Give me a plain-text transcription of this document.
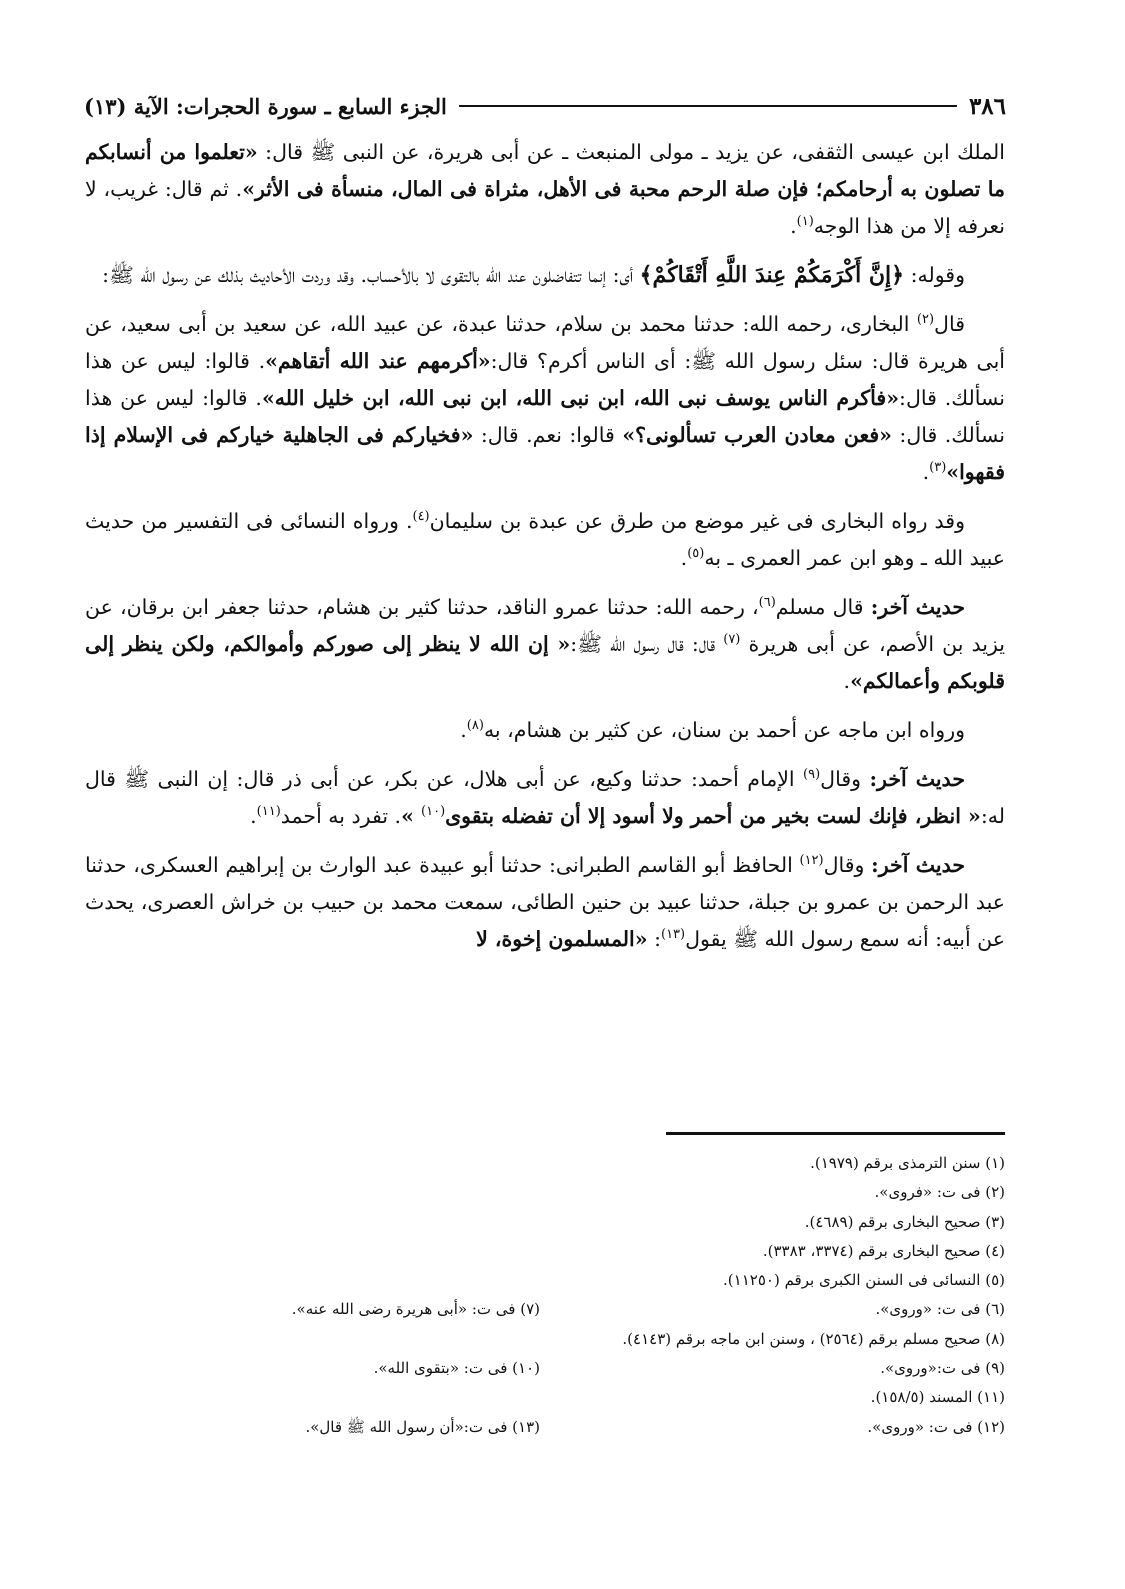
٣٨٦
الجزء السابع ـ سورة الحجرات: الآية (١٣)

الملك ابن عيسى الثقفى، عن يزيد ـ مولى المنبعث ـ عن أبى هريرة، عن النبى ﷺ قال: «تعلموا من أنسابكم ما تصلون به أرحامكم؛ فإن صلة الرحم محبة فى الأهل، مثراة فى المال، منسأة فى الأثر». ثم قال: غريب، لا نعرفه إلا من هذا الوجه$^{(١)}$.

وقوله: ﴿إِنَّ أَكْرَمَكُمْ عِندَ اللَّهِ أَتْقَاكُمْ﴾ أى: إنما تتفاضلون عند الله بالتقوى لا بالأحساب. وقد وردت الأحاديث بذلك عن رسول الله ﷺ:

قال$^{(٢)}$ البخارى، رحمه الله: حدثنا محمد بن سلام، حدثنا عبدة، عن عبيد الله، عن سعيد بن أبى سعيد، عن أبى هريرة قال: سئل رسول الله ﷺ: أى الناس أكرم؟ قال:«أكرمهم عند الله أتقاهم». قالوا: ليس عن هذا نسألك. قال:«فأكرم الناس يوسف نبى الله، ابن نبى الله، ابن نبى الله، ابن خليل الله». قالوا: ليس عن هذا نسألك. قال: «فعن معادن العرب تسألونى؟» قالوا: نعم. قال: «فخياركم فى الجاهلية خياركم فى الإسلام إذا فقهوا»$^{(٣)}$.

وقد رواه البخارى فى غير موضع من طرق عن عبدة بن سليمان$^{(٤)}$. ورواه النسائى فى التفسير من حديث عبيد الله ـ وهو ابن عمر العمرى ـ به$^{(٥)}$.

حديث آخر: قال مسلم$^{(٦)}$، رحمه الله: حدثنا عمرو الناقد، حدثنا كثير بن هشام، حدثنا جعفر ابن برقان، عن يزيد بن الأصم، عن أبى هريرة $^{(٧)}$ قال: قال رسول الله ﷺ:« إن الله لا ينظر إلى صوركم وأموالكم، ولكن ينظر إلى قلوبكم وأعمالكم».

ورواه ابن ماجه عن أحمد بن سنان، عن كثير بن هشام، به$^{(٨)}$.

حديث آخر: وقال$^{(٩)}$ الإمام أحمد: حدثنا وكيع، عن أبى هلال، عن بكر، عن أبى ذر قال: إن النبى ﷺ قال له:« انظر، فإنك لست بخير من أحمر ولا أسود إلا أن تفضله بتقوى$^{(١٠)}$ ». تفرد به أحمد$^{(١١)}$.

حديث آخر: وقال$^{(١٢)}$ الحافظ أبو القاسم الطبرانى: حدثنا أبو عبيدة عبد الوارث بن إبراهيم العسكرى، حدثنا عبد الرحمن بن عمرو بن جبلة، حدثنا عبيد بن حنين الطائى، سمعت محمد بن حبيب بن خراش العصرى، يحدث عن أبيه: أنه سمع رسول الله ﷺ يقول$^{(١٣)}$: «المسلمون إخوة، لا

(١) سنن الترمذى برقم (١٩٧٩).
(٢) فى ت: «فروى».
(٣) صحيح البخارى برقم (٤٦٨٩).
(٤) صحيح البخارى برقم (٣٣٧٤، ٣٣٨٣).
(٥) النسائى فى السنن الكبرى برقم (١١٢٥٠).
(٦) فى ت: «وروى».
(٧) فى ت: «أبى هريرة رضى الله عنه».
(٨) صحيح مسلم برقم (٢٥٦٤) ، وسنن ابن ماجه برقم (٤١٤٣).
(٩) فى ت:«وروى».
(١٠) فى ت: «بتقوى الله».
(١١) المسند (١٥٨/٥).
(١٢) فى ت: «وروى».
(١٣) فى ت:«أن رسول الله ﷺ قال».
